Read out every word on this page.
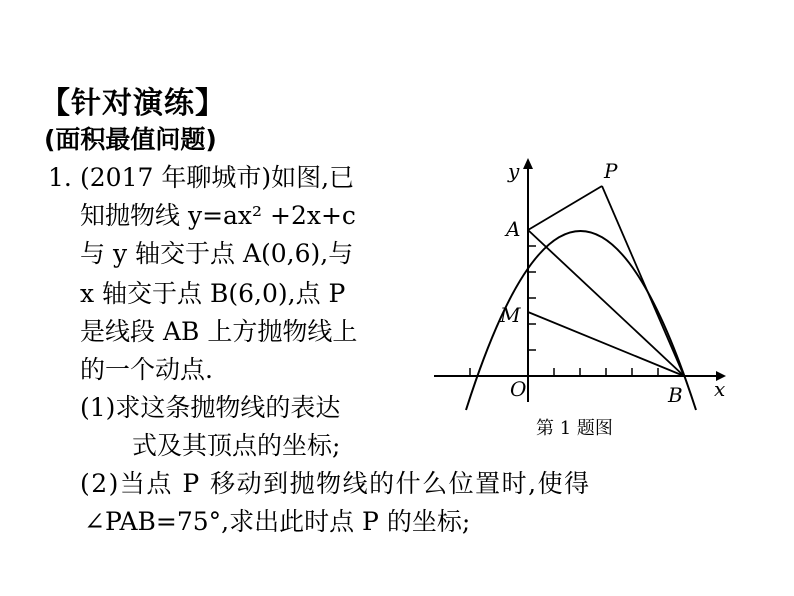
【针对演练】
(面积最值问题)
1. (2017 年聊城市)如图,已
知抛物线 y=ax² +2x+c
与 y 轴交于点 A(0,6),与
x 轴交于点 B(6,0),点 P
是线段 AB 上方抛物线上
的一个动点.
(1)求这条抛物线的表达
式及其顶点的坐标;
(2)当点 P 移动到抛物线的什么位置时,使得
∠PAB=75°,求出此时点 P 的坐标;
y
x
O
A
B
P
M
第 1 题图
